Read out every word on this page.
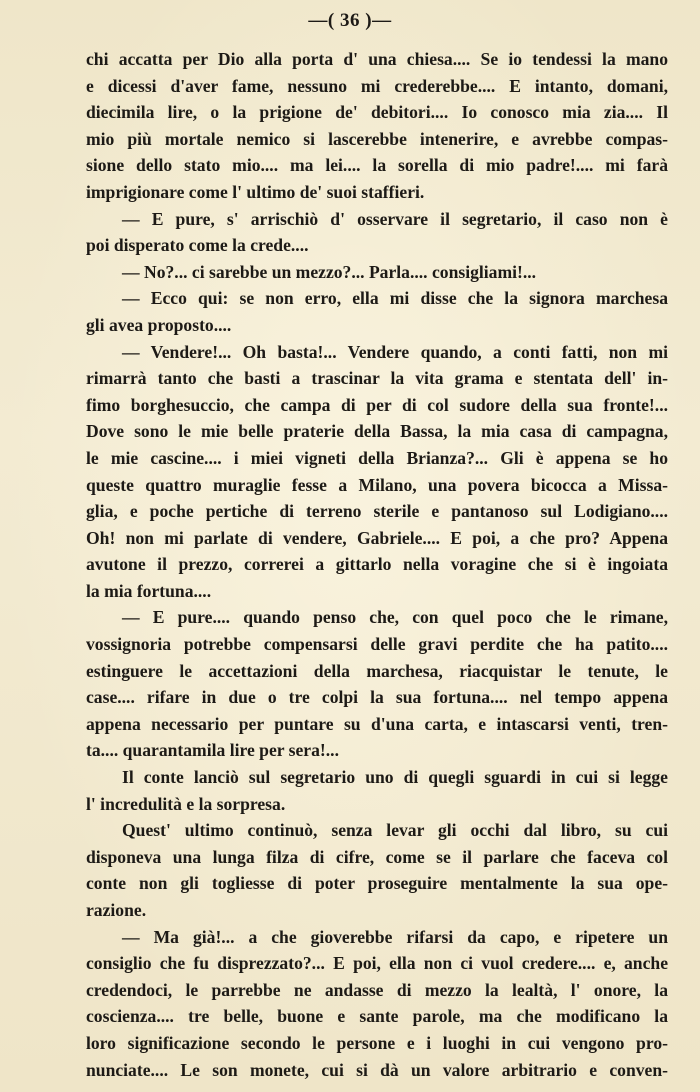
—( 36 )—

chi accatta per Dio alla porta d' una chiesa.... Se io tendessi la mano
e dicessi d'aver fame, nessuno mi crederebbe.... E intanto, domani,
diecimila lire, o la prigione de' debitori.... Io conosco mia zia.... Il
mio più mortale nemico si lascerebbe intenerire, e avrebbe compas-
sione dello stato mio.... ma lei.... la sorella di mio padre!.... mi farà
imprigionare come l' ultimo de' suoi staffieri.

— E pure, s' arrischiò d' osservare il segretario, il caso non è
poi disperato come la crede....

— No?... ci sarebbe un mezzo?... Parla.... consigliami!...

— Ecco qui: se non erro, ella mi disse che la signora marchesa
gli avea proposto....

— Vendere!... Oh basta!... Vendere quando, a conti fatti, non mi
rimarrà tanto che basti a trascinar la vita grama e stentata dell' in-
fimo borghesuccio, che campa di per di col sudore della sua fronte!...
Dove sono le mie belle praterie della Bassa, la mia casa di campagna,
le mie cascine.... i miei vigneti della Brianza?... Gli è appena se ho
queste quattro muraglie fesse a Milano, una povera bicocca a Missa-
glia, e poche pertiche di terreno sterile e pantanoso sul Lodigiano....
Oh! non mi parlate di vendere, Gabriele.... E poi, a che pro? Appena
avutone il prezzo, correrei a gittarlo nella voragine che si è ingoiata
la mia fortuna....

— E pure.... quando penso che, con quel poco che le rimane,
vossignoria potrebbe compensarsi delle gravi perdite che ha patito....
estinguere le accettazioni della marchesa, riacquistar le tenute, le
case.... rifare in due o tre colpi la sua fortuna.... nel tempo appena
appena necessario per puntare su d'una carta, e intascarsi venti, tren-
ta.... quarantamila lire per sera!...

Il conte lanciò sul segretario uno di quegli sguardi in cui si legge
l' incredulità e la sorpresa.

Quest' ultimo continuò, senza levar gli occhi dal libro, su cui
disponeva una lunga filza di cifre, come se il parlare che faceva col
conte non gli togliesse di poter proseguire mentalmente la sua ope-
razione.

— Ma già!... a che gioverebbe rifarsi da capo, e ripetere un
consiglio che fu disprezzato?... E poi, ella non ci vuol credere.... e, anche
credendoci, le parrebbe ne andasse di mezzo la lealtà, l' onore, la
coscienza.... tre belle, buone e sante parole, ma che modificano la
loro significazione secondo le persone e i luoghi in cui vengono pro-
nunciate.... Le son monete, cui si dà un valore arbitrario e conven-
